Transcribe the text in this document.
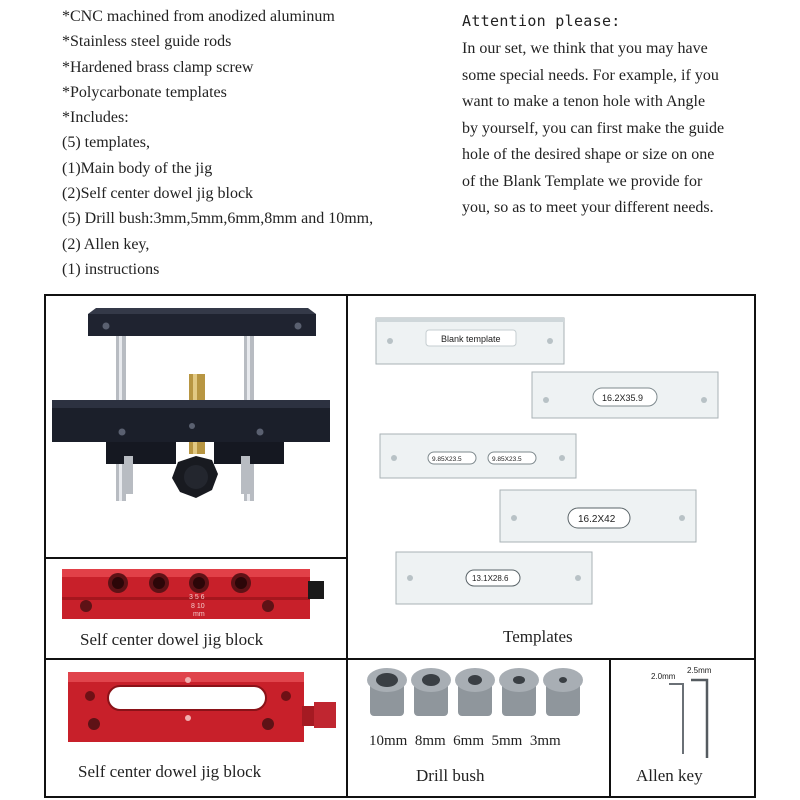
*CNC machined from anodized aluminum
*Stainless steel guide rods
*Hardened brass clamp screw
*Polycarbonate templates
*Includes:
(5) templates,
(1)Main body of the jig
(2)Self center dowel jig block
(5) Drill bush:3mm,5mm,6mm,8mm and 10mm,
(2) Allen key,
(1) instructions
Attention please:
In our set, we think that you may have
some special needs. For example, if you
want to make a tenon hole with Angle
by yourself, you can first make the guide
hole of the desired shape or size on one
of the Blank Template we provide for
you, so as to meet your different needs.
3 5 6
8 10
mm
Self center dowel jig block
Blank template
16.2X35.9
9.85X23.5	9.85X23.5
16.2X42
13.1X28.6
Templates
Self center dowel jig block
10mm  8mm  6mm  5mm  3mm
Drill bush
2.0mm
2.5mm
Allen key
